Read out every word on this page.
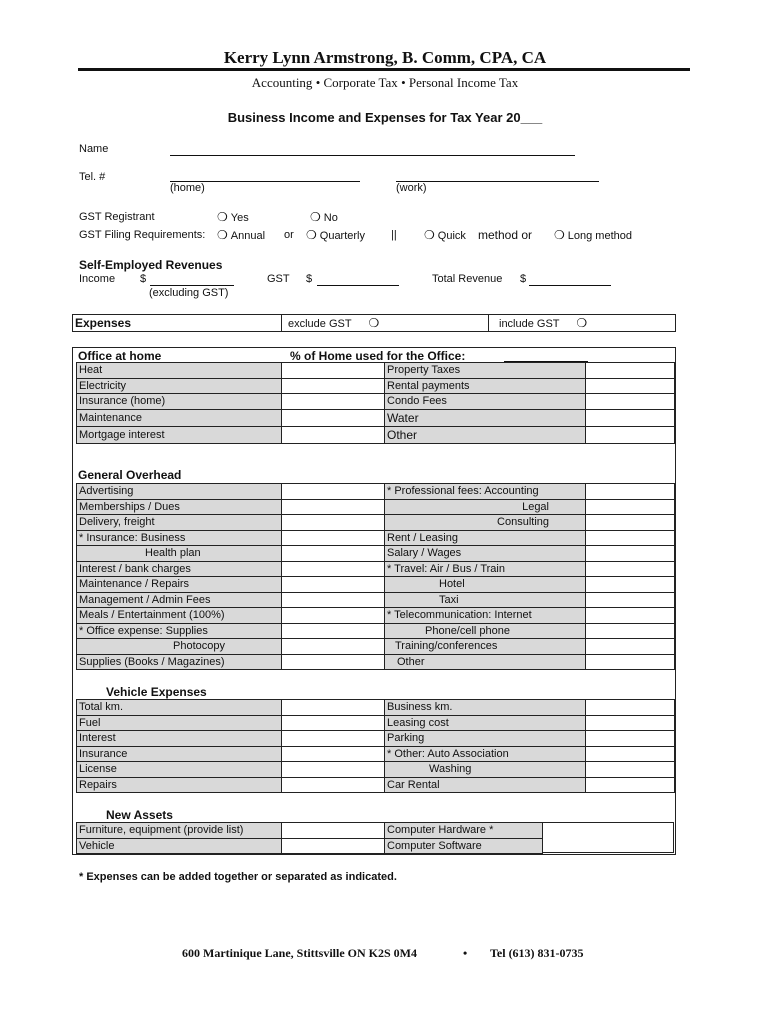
Kerry Lynn Armstrong, B. Comm, CPA, CA
Accounting • Corporate Tax • Personal Income Tax
Business Income and Expenses for Tax Year 20___
Name
Tel. #
(home)	(work)
GST Registrant	❍ Yes	❍ No
GST Filing Requirements: ❍ Annual or ❍ Quarterly || ❍ Quick method or ❍ Long method
Self-Employed Revenues
Income $
(excluding GST)
GST $	Total Revenue $
Expenses	exclude GST ❍	include GST ❍
Office at home	% of Home used for the Office:
Heat		Property Taxes	
Electricity		Rental payments	
Insurance (home)		Condo Fees	
Maintenance		Water	
Mortgage interest		Other	
General Overhead
Advertising		* Professional fees: Accounting	
Memberships / Dues		Legal	
Delivery, freight		Consulting	
* Insurance: Business		Rent / Leasing	
Health plan		Salary / Wages	
Interest / bank charges		* Travel: Air / Bus / Train	
Maintenance / Repairs		Hotel	
Management / Admin Fees		Taxi	
Meals / Entertainment (100%)		* Telecommunication: Internet	
* Office expense: Supplies		Phone/cell phone	
Photocopy		Training/conferences	
Supplies (Books / Magazines)		Other	
Vehicle Expenses
Total km.		Business km.	
Fuel		Leasing cost	
Interest		Parking	
Insurance		* Other: Auto Association	
License		Washing	
Repairs		Car Rental	
New Assets
Furniture, equipment (provide list)		Computer Hardware *
Vehicle		Computer Software
* Expenses can be added together or separated as indicated.
600 Martinique Lane, Stittsville ON K2S 0M4	• Tel (613) 831-0735
